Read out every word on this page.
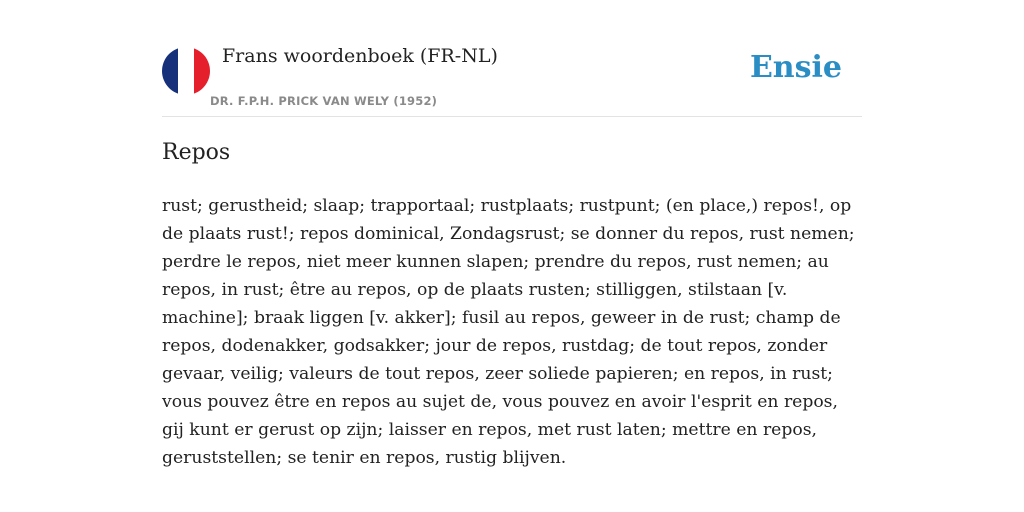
Frans woordenboek (FR-NL)
DR. F.P.H. PRICK VAN WELY (1952)
Ensie
Repos

rust; gerustheid; slaap; trapportaal; rustplaats; rustpunt; (en place,) repos!, op de plaats rust!; repos dominical, Zondagsrust; se donner du repos, rust nemen; perdre le repos, niet meer kunnen slapen; prendre du repos, rust nemen; au repos, in rust; être au repos, op de plaats rusten; stilliggen, stilstaan [v. machine]; braak liggen [v. akker]; fusil au repos, geweer in de rust; champ de repos, dodenakker, godsakker; jour de repos, rustdag; de tout repos, zonder gevaar, veilig; valeurs de tout repos, zeer soliede papieren; en repos, in rust; vous pouvez être en repos au sujet de, vous pouvez en avoir l'esprit en repos, gij kunt er gerust op zijn; laisser en repos, met rust laten; mettre en repos, geruststellen; se tenir en repos, rustig blijven.
